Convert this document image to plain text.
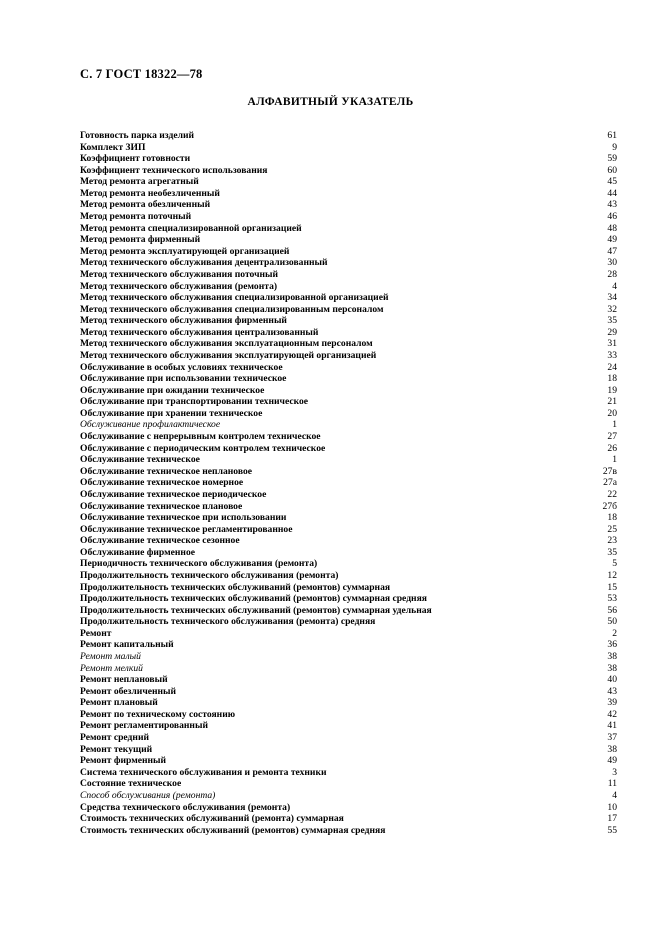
С. 7 ГОСТ 18322—78
АЛФАВИТНЫЙ УКАЗАТЕЛЬ
Готовность парка изделий	61
Комплект ЗИП	9
Коэффициент готовности	59
Коэффициент технического использования	60
Метод ремонта агрегатный	45
Метод ремонта необезличенный	44
Метод ремонта обезличенный	43
Метод ремонта поточный	46
Метод ремонта специализированной организацией	48
Метод ремонта фирменный	49
Метод ремонта эксплуатирующей организацией	47
Метод технического обслуживания децентрализованный	30
Метод технического обслуживания поточный	28
Метод технического обслуживания (ремонта)	4
Метод технического обслуживания специализированной организацией	34
Метод технического обслуживания специализированным персоналом	32
Метод технического обслуживания фирменный	35
Метод технического обслуживания централизованный	29
Метод технического обслуживания эксплуатационным персоналом	31
Метод технического обслуживания эксплуатирующей организацией	33
Обслуживание в особых условиях техническое	24
Обслуживание при использовании техническое	18
Обслуживание при ожидании техническое	19
Обслуживание при транспортировании техническое	21
Обслуживание при хранении техническое	20
Обслуживание профилактическое	1
Обслуживание с непрерывным контролем техническое	27
Обслуживание с периодическим контролем техническое	26
Обслуживание техническое	1
Обслуживание техническое неплановое	27в
Обслуживание техническое номерное	27а
Обслуживание техническое периодическое	22
Обслуживание техническое плановое	27б
Обслуживание техническое при использовании	18
Обслуживание техническое регламентированное	25
Обслуживание техническое сезонное	23
Обслуживание фирменное	35
Периодичность технического обслуживания (ремонта)	5
Продолжительность технического обслуживания (ремонта)	12
Продолжительность технических обслуживаний (ремонтов) суммарная	15
Продолжительность технических обслуживаний (ремонтов) суммарная средняя	53
Продолжительность технических обслуживаний (ремонтов) суммарная удельная	56
Продолжительность технического обслуживания (ремонта) средняя	50
Ремонт	2
Ремонт капитальный	36
Ремонт малый	38
Ремонт мелкий	38
Ремонт неплановый	40
Ремонт обезличенный	43
Ремонт плановый	39
Ремонт по техническому состоянию	42
Ремонт регламентированный	41
Ремонт средний	37
Ремонт текущий	38
Ремонт фирменный	49
Система технического обслуживания и ремонта техники	3
Состояние техническое	11
Способ обслуживания (ремонта)	4
Средства технического обслуживания (ремонта)	10
Стоимость технических обслуживаний (ремонта) суммарная	17
Стоимость технических обслуживаний (ремонтов) суммарная средняя	55
